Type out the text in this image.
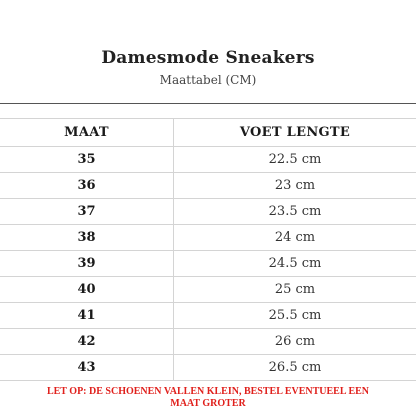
Damesmode Sneakers
Maattabel (CM)
MAAT	VOET LENGTE
35	22.5 cm
36	23 cm
37	23.5 cm
38	24 cm
39	24.5 cm
40	25 cm
41	25.5 cm
42	26 cm
43	26.5 cm
LET OP: DE SCHOENEN VALLEN KLEIN, BESTEL EVENTUEEL EEN
MAAT GROTER
